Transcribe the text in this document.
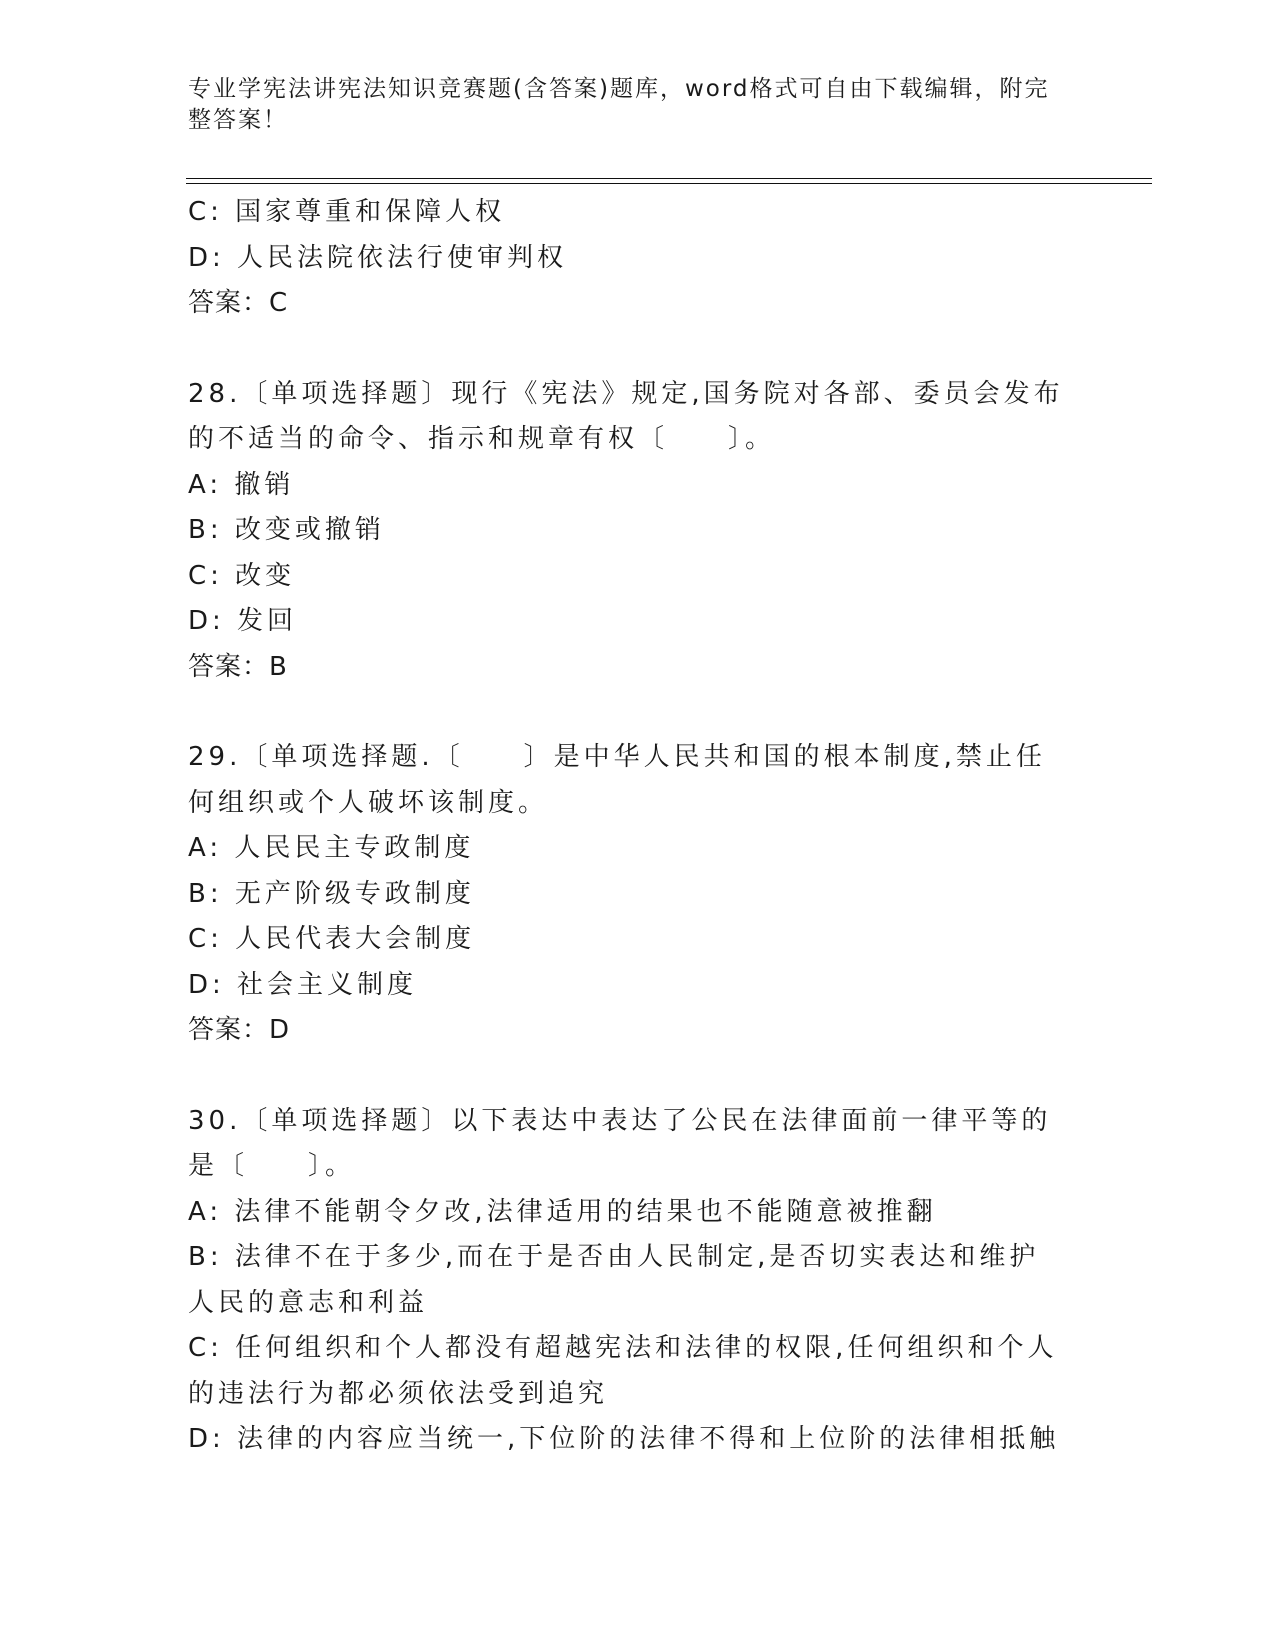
专业学宪法讲宪法知识竞赛题(含答案)题库，word格式可自由下载编辑，附完整答案！
C: 国家尊重和保障人权
D: 人民法院依法行使审判权
答案：C
28.〔单项选择题〕现行《宪法》规定,国务院对各部、委员会发布的不适当的命令、指示和规章有权〔　　〕。
A: 撤销
B: 改变或撤销
C: 改变
D: 发回
答案：B
29.〔单项选择题.〔　　〕是中华人民共和国的根本制度,禁止任何组织或个人破坏该制度。
A: 人民民主专政制度
B: 无产阶级专政制度
C: 人民代表大会制度
D: 社会主义制度
答案：D
30.〔单项选择题〕以下表达中表达了公民在法律面前一律平等的是〔　　〕。
A: 法律不能朝令夕改,法律适用的结果也不能随意被推翻
B: 法律不在于多少,而在于是否由人民制定,是否切实表达和维护人民的意志和利益
C: 任何组织和个人都没有超越宪法和法律的权限,任何组织和个人的违法行为都必须依法受到追究
D: 法律的内容应当统一,下位阶的法律不得和上位阶的法律相抵触
